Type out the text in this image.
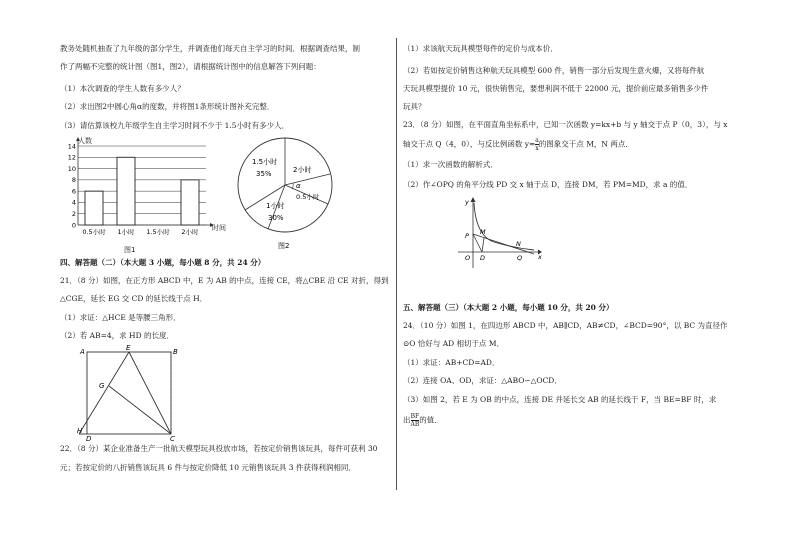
教务处随机抽查了九年级的部分学生，并调查他们每天自主学习的时间．根据调查结果，制
作了两幅不完整的统计图（图1，图2），请根据统计图中的信息解答下列问题：
（1）本次调查的学生人数有多少人？
（2）求出图2中圆心角α的度数，并将图1条形统计图补充完整．
（3）请估算该校九年级学生自主学习时间不少于 1.5小时有多少人．
0
2
4
6
8
10
12
14
0.5小时 1小时 1.5小时 2小时
人数
时间
图1
1.5小时
35%	2小时
α
0.5小时
1小时
30%
图2
四、解答题（二）（本大题 3 小题，每小题 8 分，共 24 分）
21．（8 分）如图，在正方形 ABCD 中，E 为 AB 的中点，连接 CE，将△CBE 沿 CE 对折，得到
△CGE，延长 EG 交 CD 的延长线于点 H．
（1）求证：△HCE 是等腰三角形．
（2）若 AB=4，求 HD 的长度．
A	E	B
G
H
D	C
22．（8 分）某企业准备生产一批航天模型玩具投放市场，若按定价销售该玩具，每件可获利 30
元；若按定价的八折销售该玩具 6 件与按定价降低 10 元销售该玩具 3 件获得利润相同．
（1）求该航天玩具模型每件的定价与成本价．
（2）若如按定价销售这种航天玩具模型 600 件，销售一部分后发现生意火爆，又将每件航
天玩具模型提价 10 元，很快销售完，要想利润不低于 22000 元，提价前应最多销售多少件
玩具？
23．（8 分）如图，在平面直角坐标系中，已知一次函数 y=kx+b 与 y 轴交于点 P（0，3），与 x
轴交于点 Q（4，0），与反比例函数 $y= \frac{a}{x}$ 的图象交于点 M，N 两点．
（1）求一次函数的解析式．
（2）作∠OPQ 的角平分线 PD 交 x 轴于点 D，连接 DM，若 PM=MD，求 a 的值．
y
P M
N
O D	Q x
五、解答题（三）（本大题 2 小题，每小题 10 分，共 20 分）
24．（10 分）如图 1，在四边形 ABCD 中，AB∥CD，AB≠CD，∠BCD=90°，以 BC 为直径作
⊙O 恰好与 AD 相切于点 M．
（1）求证：AB+CD=AD．
（2）连接 OA、OD，求证：△ABO∽△OCD．
（3）如图 2，若 E 为 OB 的中点，连接 DE 并延长交 AB 的延长线于 F，当 BE=BF 时，求
出 $\frac{BF}{AB}$ 的值．
